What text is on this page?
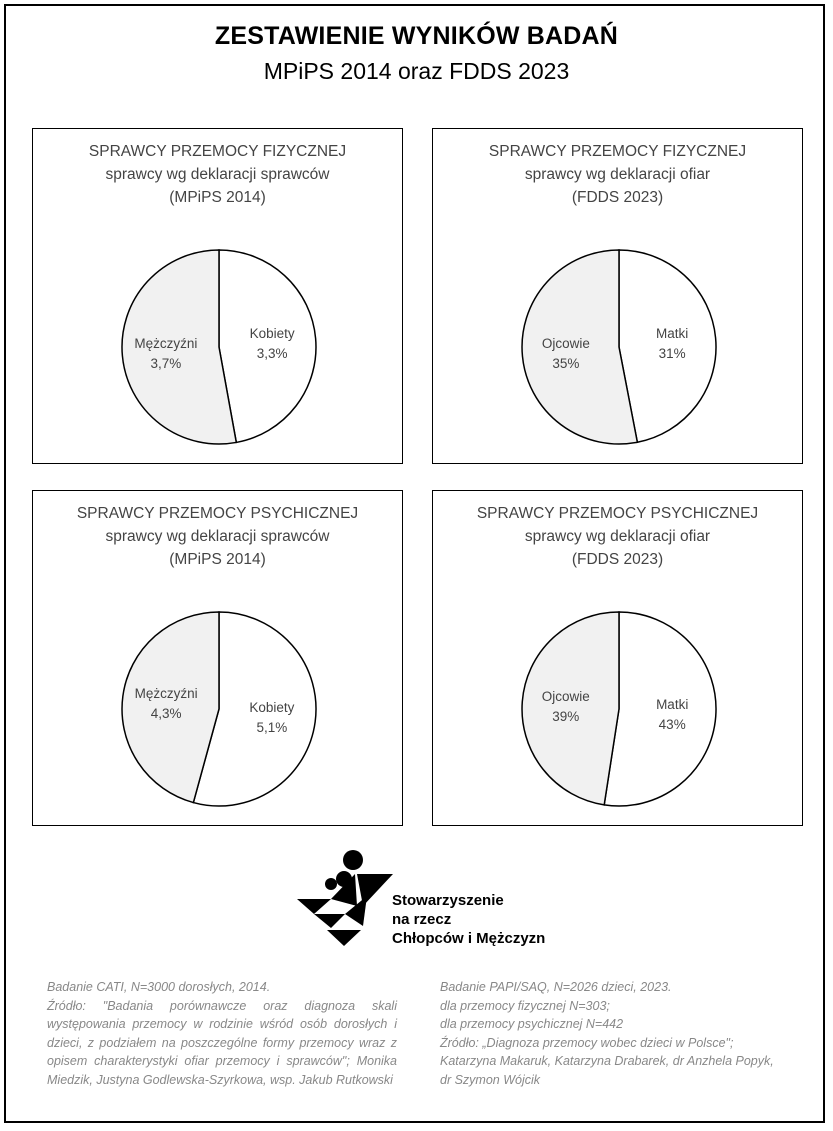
ZESTAWIENIE WYNIKÓW BADAŃ
MPiPS 2014 oraz FDDS 2023
SPRAWCY PRZEMOCY FIZYCZNEJ
sprawcy wg deklaracji sprawców
(MPiPS 2014)
Kobiety
3,3%
Mężczyźni
3,7%
SPRAWCY PRZEMOCY FIZYCZNEJ
sprawcy wg deklaracji ofiar
(FDDS 2023)
Matki
31%
Ojcowie
35%
SPRAWCY PRZEMOCY PSYCHICZNEJ
sprawcy wg deklaracji sprawców
(MPiPS 2014)
Kobiety
5,1%
Mężczyźni
4,3%
SPRAWCY PRZEMOCY PSYCHICZNEJ
sprawcy wg deklaracji ofiar
(FDDS 2023)
Matki
43%
Ojcowie
39%
Stowarzyszenie
na rzecz
Chłopców i Mężczyzn
Badanie CATI, N=3000 dorosłych, 2014.
Źródło: "Badania porównawcze oraz diagnoza skali występowania przemocy w rodzinie wśród osób dorosłych i dzieci, z podziałem na poszczególne formy przemocy wraz z opisem charakterystyki ofiar przemocy i sprawców"; Monika Miedzik, Justyna Godlewska-Szyrkowa, wsp. Jakub Rutkowski
Badanie PAPI/SAQ, N=2026 dzieci, 2023.
dla przemocy fizycznej N=303;
dla przemocy psychicznej N=442
Źródło: „Diagnoza przemocy wobec dzieci w Polsce"; Katarzyna Makaruk, Katarzyna Drabarek, dr Anzhela Popyk, dr Szymon Wójcik
